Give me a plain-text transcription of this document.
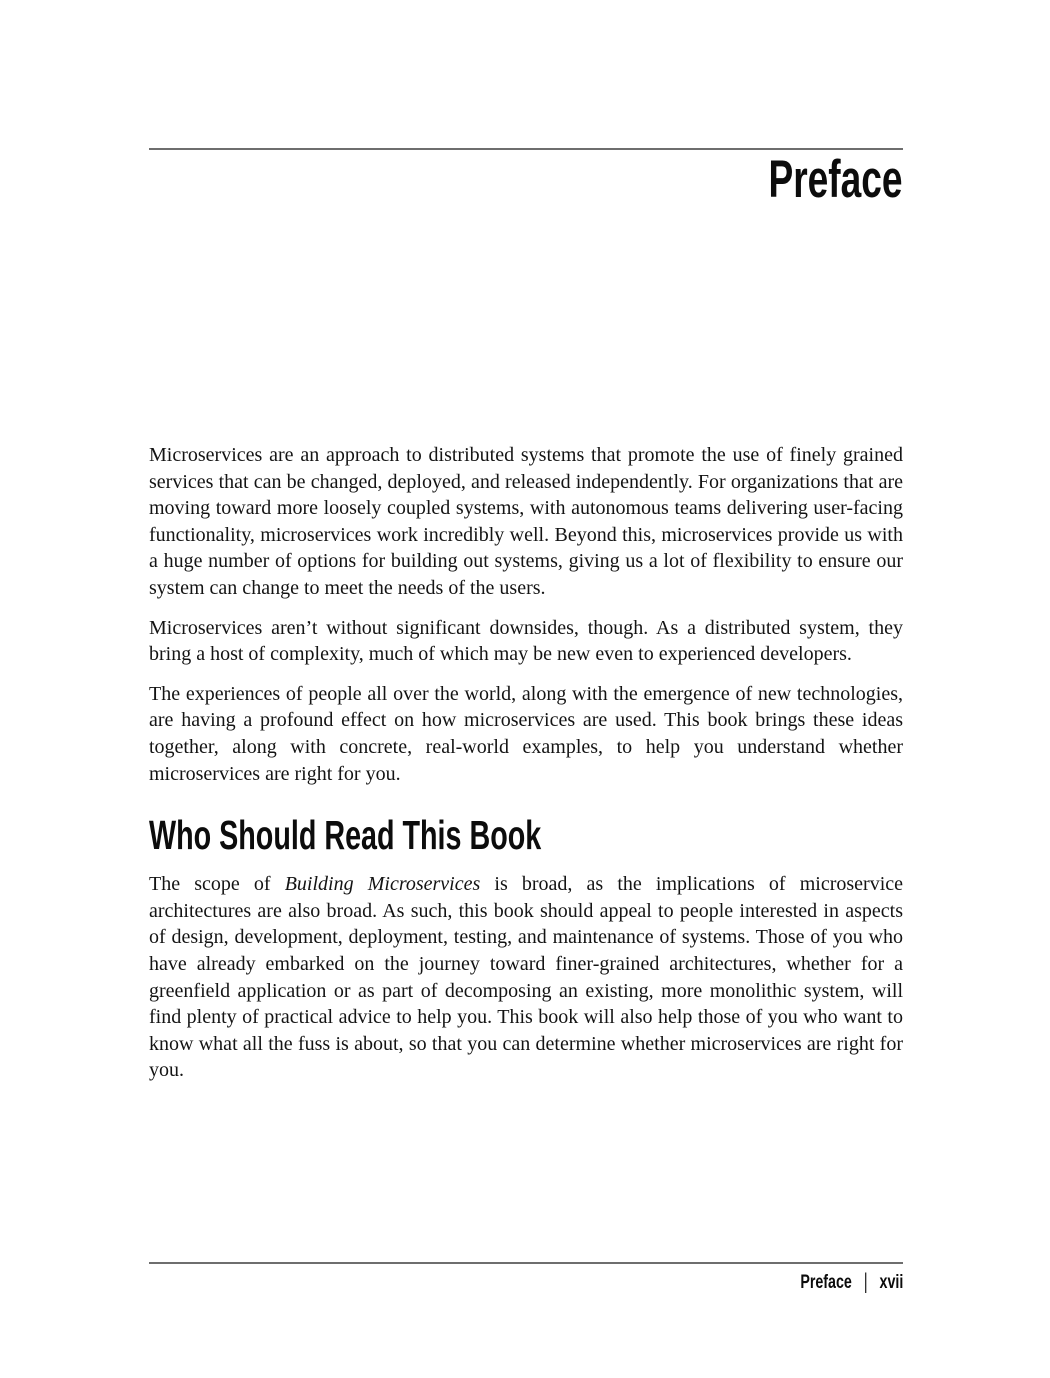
Preface

Microservices are an approach to distributed systems that promote the use of finely grained services that can be changed, deployed, and released independently. For organizations that are moving toward more loosely coupled systems, with autonomous teams delivering user-facing functionality, microservices work incredibly well. Beyond this, microservices provide us with a huge number of options for building out systems, giving us a lot of flexibility to ensure our system can change to meet the needs of the users.

Microservices aren’t without significant downsides, though. As a distributed system, they bring a host of complexity, much of which may be new even to experienced developers.

The experiences of people all over the world, along with the emergence of new technologies, are having a profound effect on how microservices are used. This book brings these ideas together, along with concrete, real-world examples, to help you understand whether microservices are right for you.

Who Should Read This Book

The scope of Building Microservices is broad, as the implications of microservice architectures are also broad. As such, this book should appeal to people interested in aspects of design, development, deployment, testing, and maintenance of systems. Those of you who have already embarked on the journey toward finer-grained architectures, whether for a greenfield application or as part of decomposing an existing, more monolithic system, will find plenty of practical advice to help you. This book will also help those of you who want to know what all the fuss is about, so that you can determine whether microservices are right for you.

Preface | xvii
